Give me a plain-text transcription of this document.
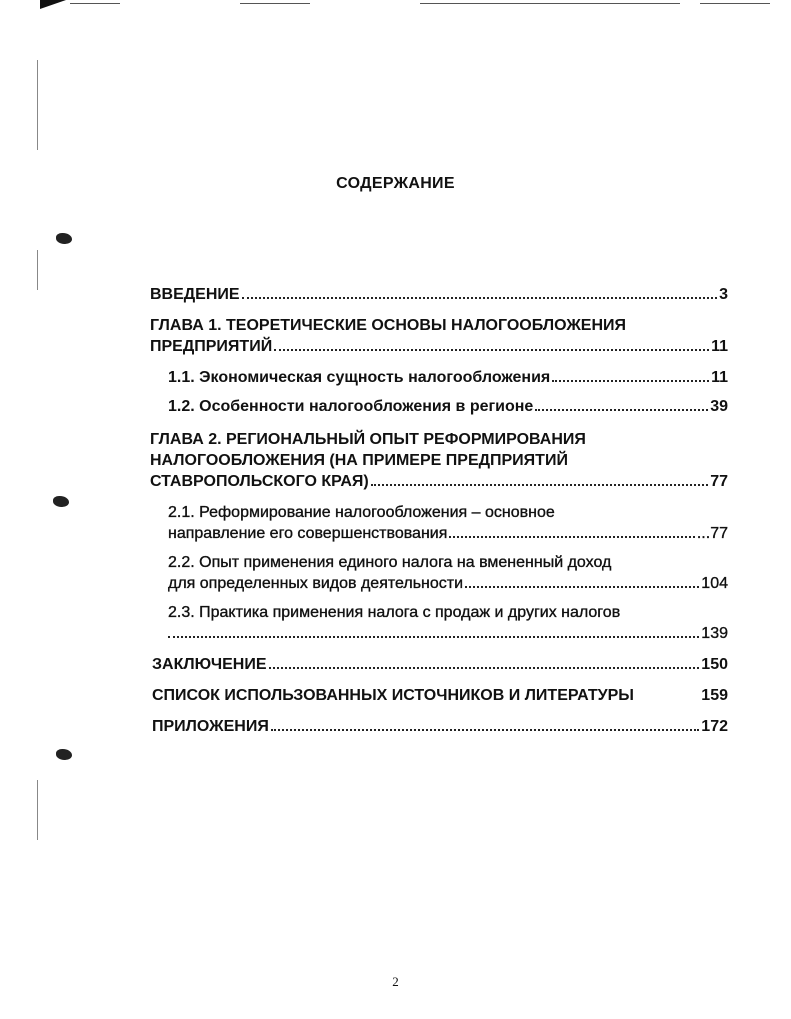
СОДЕРЖАНИЕ
ВВЕДЕНИЕ	3
ГЛАВА 1. ТЕОРЕТИЧЕСКИЕ ОСНОВЫ НАЛОГООБЛОЖЕНИЯ
ПРЕДПРИЯТИЙ	11
1.1. Экономическая сущность налогообложения	11
1.2. Особенности налогообложения в регионе	39
ГЛАВА 2. РЕГИОНАЛЬНЫЙ ОПЫТ РЕФОРМИРОВАНИЯ
НАЛОГООБЛОЖЕНИЯ (НА ПРИМЕРЕ ПРЕДПРИЯТИЙ
СТАВРОПОЛЬСКОГО КРАЯ)	77
2.1. Реформирование налогообложения – основное
направление его совершенствования	...77
2.2. Опыт применения единого налога на вмененный доход
для определенных видов деятельности	104
2.3. Практика применения налога с продаж и других налогов
139
ЗАКЛЮЧЕНИЕ	150
СПИСОК ИСПОЛЬЗОВАННЫХ ИСТОЧНИКОВ И ЛИТЕРАТУРЫ	159
ПРИЛОЖЕНИЯ	172
2
